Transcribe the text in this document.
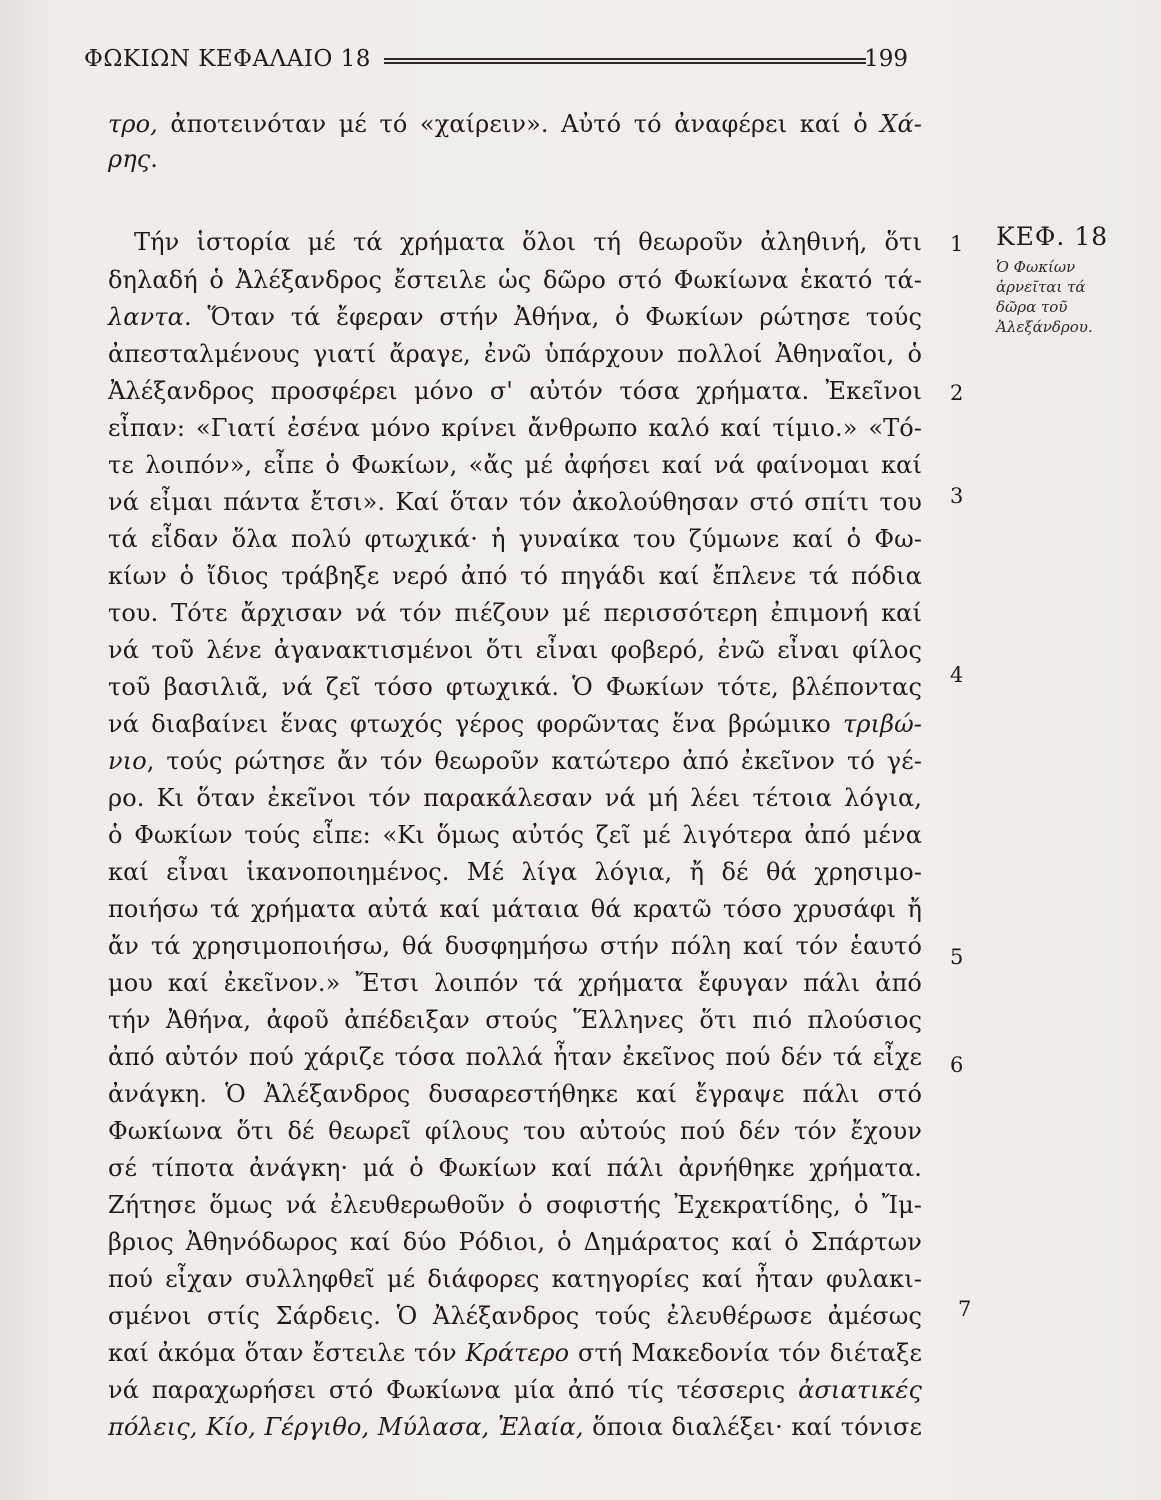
ΦΩΚΙΩΝ ΚΕΦΑΛΑΙΟ 18	199
τρο, ἀποτεινόταν μέ τό «χαίρειν». Αὐτό τό ἀναφέρει καί ὁ Χά-
ρης.
Τήν ἱστορία μέ τά χρήματα ὅλοι τή θεωροῦν ἀληθινή, ὅτι
δηλαδή ὁ Ἀλέξανδρος ἔστειλε ὡς δῶρο στό Φωκίωνα ἑκατό τά-
λαντα. Ὅταν τά ἔφεραν στήν Ἀθήνα, ὁ Φωκίων ρώτησε τούς
ἀπεσταλμένους γιατί ἄραγε, ἐνῶ ὑπάρχουν πολλοί Ἀθηναῖοι, ὁ
Ἀλέξανδρος προσφέρει μόνο σ' αὐτόν τόσα χρήματα. Ἐκεῖνοι
εἶπαν: «Γιατί ἐσένα μόνο κρίνει ἄνθρωπο καλό καί τίμιο.» «Τό-
τε λοιπόν», εἶπε ὁ Φωκίων, «ἄς μέ ἀφήσει καί νά φαίνομαι καί
νά εἶμαι πάντα ἔτσι». Καί ὅταν τόν ἀκολούθησαν στό σπίτι του
τά εἶδαν ὅλα πολύ φτωχικά· ἡ γυναίκα του ζύμωνε καί ὁ Φω-
κίων ὁ ἴδιος τράβηξε νερό ἀπό τό πηγάδι καί ἔπλενε τά πόδια
του. Τότε ἄρχισαν νά τόν πιέζουν μέ περισσότερη ἐπιμονή καί
νά τοῦ λένε ἀγανακτισμένοι ὅτι εἶναι φοβερό, ἐνῶ εἶναι φίλος
τοῦ βασιλιᾶ, νά ζεῖ τόσο φτωχικά. Ὁ Φωκίων τότε, βλέποντας
νά διαβαίνει ἕνας φτωχός γέρος φορῶντας ἕνα βρώμικο τριβώ-
νιο, τούς ρώτησε ἄν τόν θεωροῦν κατώτερο ἀπό ἐκεῖνον τό γέ-
ρο. Κι ὅταν ἐκεῖνοι τόν παρακάλεσαν νά μή λέει τέτοια λόγια,
ὁ Φωκίων τούς εἶπε: «Κι ὅμως αὐτός ζεῖ μέ λιγότερα ἀπό μένα
καί εἶναι ἱκανοποιημένος. Μέ λίγα λόγια, ἤ δέ θά χρησιμο-
ποιήσω τά χρήματα αὐτά καί μάταια θά κρατῶ τόσο χρυσάφι ἤ
ἄν τά χρησιμοποιήσω, θά δυσφημήσω στήν πόλη καί τόν ἑαυτό
μου καί ἐκεῖνον.» Ἔτσι λοιπόν τά χρήματα ἔφυγαν πάλι ἀπό
τήν Ἀθήνα, ἀφοῦ ἀπέδειξαν στούς Ἕλληνες ὅτι πιό πλούσιος
ἀπό αὐτόν πού χάριζε τόσα πολλά ἦταν ἐκεῖνος πού δέν τά εἶχε
ἀνάγκη. Ὁ Ἀλέξανδρος δυσαρεστήθηκε καί ἔγραψε πάλι στό
Φωκίωνα ὅτι δέ θεωρεῖ φίλους του αὐτούς πού δέν τόν ἔχουν
σέ τίποτα ἀνάγκη· μά ὁ Φωκίων καί πάλι ἀρνήθηκε χρήματα.
Ζήτησε ὅμως νά ἐλευθερωθοῦν ὁ σοφιστής Ἐχεκρατίδης, ὁ Ἴμ-
βριος Ἀθηνόδωρος καί δύο Ρόδιοι, ὁ Δημάρατος καί ὁ Σπάρτων
πού εἶχαν συλληφθεῖ μέ διάφορες κατηγορίες καί ἦταν φυλακι-
σμένοι στίς Σάρδεις. Ὁ Ἀλέξανδρος τούς ἐλευθέρωσε ἀμέσως
καί ἀκόμα ὅταν ἔστειλε τόν Κράτερο στή Μακεδονία τόν διέταξε
νά παραχωρήσει στό Φωκίωνα μία ἀπό τίς τέσσερις ἀσιατικές
πόλεις, Κίο, Γέργιθο, Μύλασα, Ἐλαία, ὅποια διαλέξει· καί τόνισε
1
2
3
4
5
6
7
ΚΕΦ. 18
Ὁ Φωκίων
ἀρνεῖται τά
δῶρα τοῦ
Ἀλεξάνδρου.
